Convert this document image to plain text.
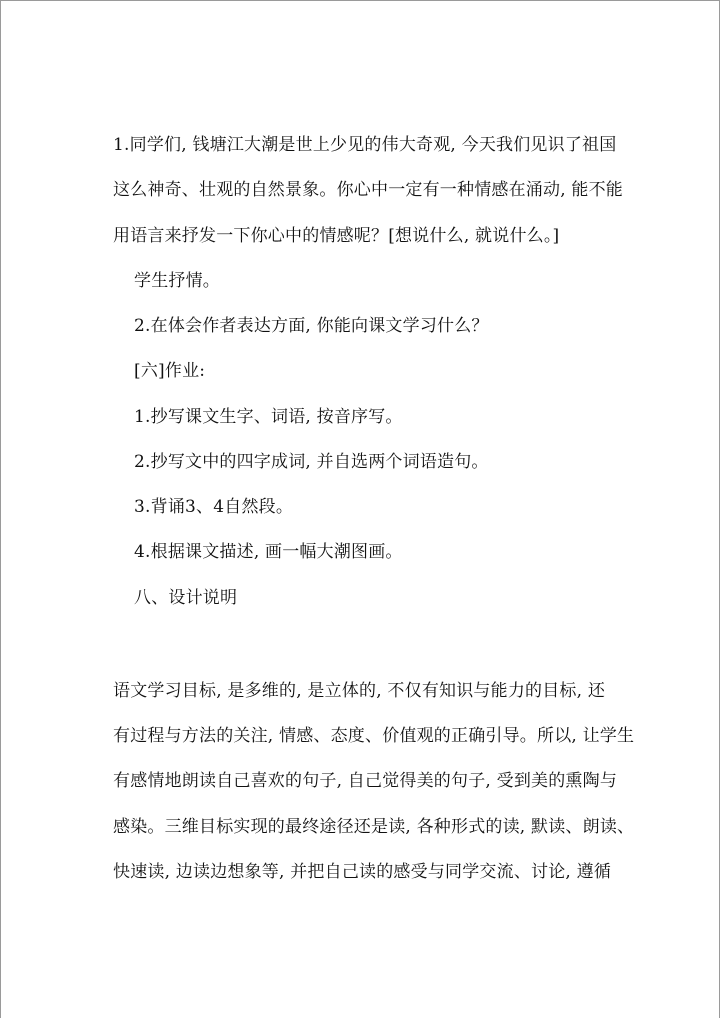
1.同学们, 钱塘江大潮是世上少见的伟大奇观, 今天我们见识了祖国
这么神奇、壮观的自然景象。你心中一定有一种情感在涌动, 能不能
用语言来抒发一下你心中的情感呢？[想说什么, 就说什么。]
学生抒情。
2.在体会作者表达方面, 你能向课文学习什么？
[六]作业:
1.抄写课文生字、词语, 按音序写。
2.抄写文中的四字成词, 并自选两个词语造句。
3.背诵3、4自然段。
4.根据课文描述, 画一幅大潮图画。
八、设计说明
语文学习目标, 是多维的, 是立体的, 不仅有知识与能力的目标, 还
有过程与方法的关注, 情感、态度、价值观的正确引导。所以, 让学生
有感情地朗读自己喜欢的句子, 自己觉得美的句子, 受到美的熏陶与
感染。三维目标实现的最终途径还是读, 各种形式的读, 默读、朗读、
快速读, 边读边想象等, 并把自己读的感受与同学交流、讨论, 遵循
